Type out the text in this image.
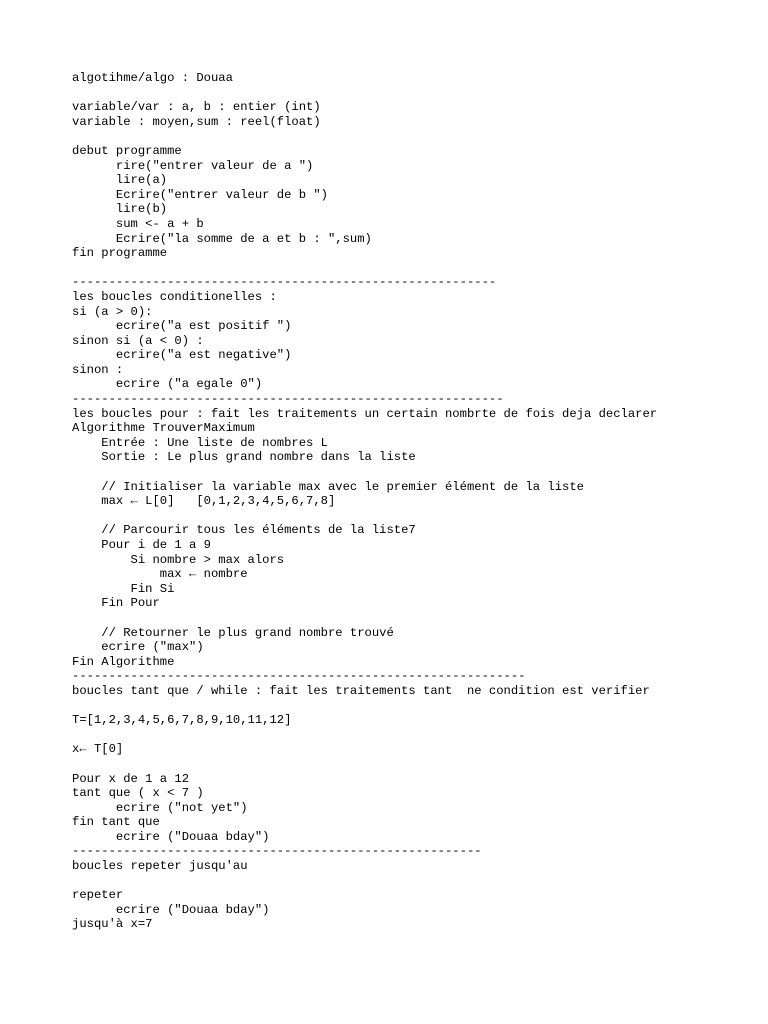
algotihme/algo : Douaa
variable/var : a, b : entier (int)
variable : moyen,sum : reel(float)
debut programme
rire("entrer valeur de a ")
lire(a)
Ecrire("entrer valeur de b ")
lire(b)
sum <- a + b
Ecrire("la somme de a et b : ",sum)
fin programme
----------------------------------------------------------
les boucles conditionelles :
si (a > 0):
ecrire("a est positif ")
sinon si (a < 0) :
ecrire("a est negative")
sinon :
ecrire ("a egale 0")
-----------------------------------------------------------
les boucles pour : fait les traitements un certain nombrte de fois deja declarer
Algorithme TrouverMaximum
Entrée : Une liste de nombres L
Sortie : Le plus grand nombre dans la liste
// Initialiser la variable max avec le premier élément de la liste
max ← L[0]   [0,1,2,3,4,5,6,7,8]
// Parcourir tous les éléments de la liste7
Pour i de 1 a 9
Si nombre > max alors
max ← nombre
Fin Si
Fin Pour
// Retourner le plus grand nombre trouvé
ecrire ("max")
Fin Algorithme
--------------------------------------------------------------
boucles tant que / while : fait les traitements tant  ne condition est verifier
T=[1,2,3,4,5,6,7,8,9,10,11,12]
x← T[0]
Pour x de 1 a 12
tant que ( x < 7 )
ecrire ("not yet")
fin tant que
ecrire ("Douaa bday")
--------------------------------------------------------
boucles repeter jusqu'au
repeter
ecrire ("Douaa bday")
jusqu'à x=7
